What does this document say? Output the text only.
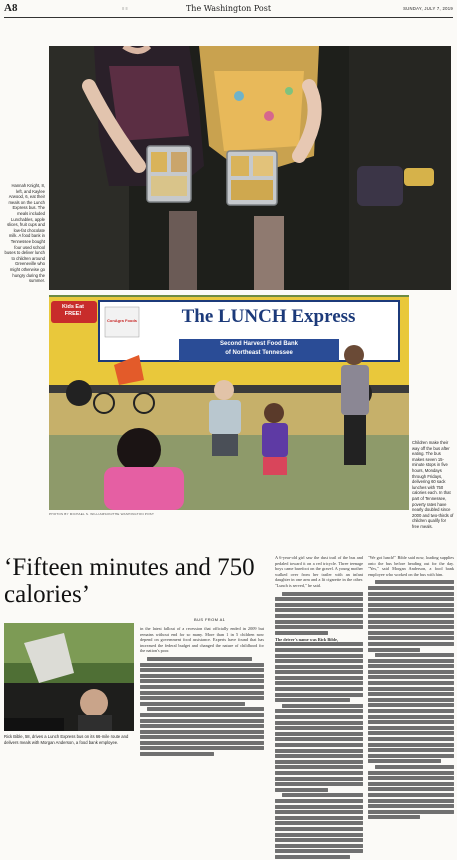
A8	≡ ≡	The Washington Post	SUNDAY, JULY 7, 2019
Hannah Knight, 8, left, and Kaylee Arwood, 6, eat their meals on the Lunch Express bus. The meals included Lunchables, apple slices, fruit cups and low-fat chocolate milk. A food bank in Tennessee bought four used school buses to deliver lunch to children around Greeneville who might otherwise go hungry during the summer.
PHOTOS BY MICHAEL S. WILLIAMSON/THE WASHINGTON POST
Kids Eat FREE!	The LUNCH Express
Second Harvest Food Bank
of Northeast Tennessee
ConAgra Foods
Children make their way off the bus after eating. The bus makes seven 15-minute stops in five hours, Mondays through Fridays, delivering 60 sack lunches with 750 calories each. In that part of Tennessee, poverty rates have nearly doubled since 2000 and two-thirds of children qualify for free meals.
‘Fifteen minutes and 750 calories’
Rick Bible, 58, drives a Lunch Express bus on its 66-mile route and delivers meals with Morgan Anderson, a food bank employee.
BUS FROM A1
in the latest fallout of a recession that officially ended in 2009 but remains without end for so many. More than 1 in 5 children now depend on government food assistance. Experts have found that has increased the federal budget and changed the nature of childhood for the nation's poor.
A 6-year-old girl saw the dust trail of the bus and pedaled toward it on a red tricycle. Three teenage boys came barefoot on the gravel. A young mother walked over from her trailer with an infant daughter in one arm and a lit cigarette in the other. "Lunch is served," he said.
The driver's name was Rick Bible,
"We got lunch!" Bible said now, loading supplies onto the bus before heading out for the day. "Yes," said Morgan Anderson, a food bank employee who worked on the bus with him.
